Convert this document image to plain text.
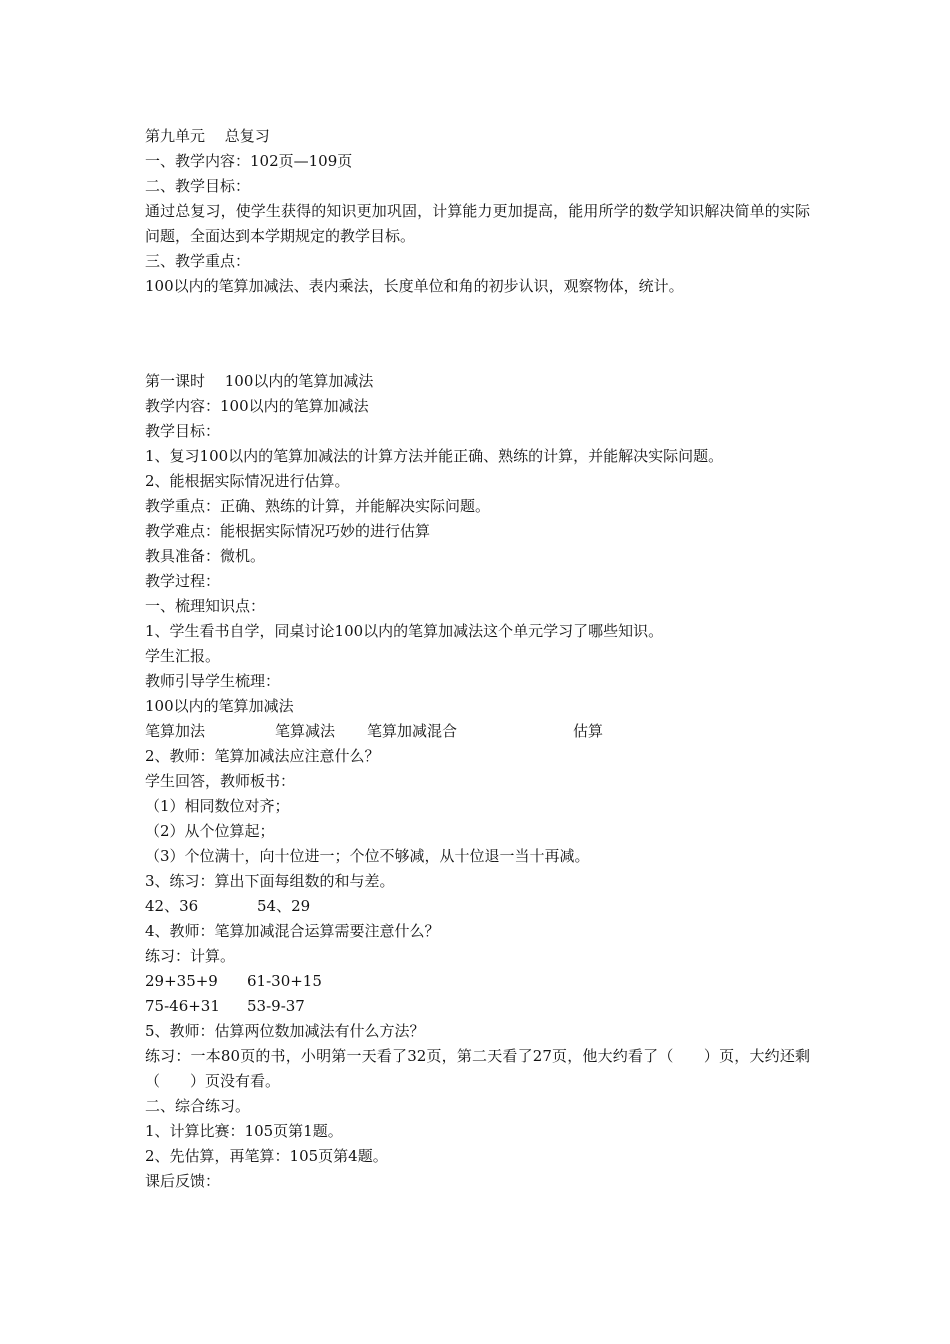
第九单元　 总复习
一、教学内容：102页—109页
二、教学目标：
通过总复习，使学生获得的知识更加巩固，计算能力更加提高，能用所学的数学知识解决简单的实际问题，全面达到本学期规定的教学目标。
三、教学重点：
100以内的笔算加减法、表内乘法，长度单位和角的初步认识，观察物体，统计。
第一课时　 100以内的笔算加减法
教学内容：100以内的笔算加减法
教学目标：
1、复习100以内的笔算加减法的计算方法并能正确、熟练的计算，并能解决实际问题。
2、能根据实际情况进行估算。
教学重点：正确、熟练的计算，并能解决实际问题。
教学难点：能根据实际情况巧妙的进行估算
教具准备：微机。
教学过程：
一、梳理知识点：
1、学生看书自学，同桌讨论100以内的笔算加减法这个单元学习了哪些知识。
学生汇报。
教师引导学生梳理：
100以内的笔算加减法
笔算加法	笔算减法	笔算加减混合	估算
2、教师：笔算加减法应注意什么？
学生回答，教师板书：
（1）相同数位对齐；
（2）从个位算起；
（3）个位满十，向十位进一；个位不够减，从十位退一当十再减。
3、练习：算出下面每组数的和与差。
42、36	54、29
4、教师：笔算加减混合运算需要注意什么？
练习：计算。
29+35+9	61-30+15
75-46+31	53-9-37
5、教师：估算两位数加减法有什么方法？
练习：一本80页的书，小明第一天看了32页，第二天看了27页，他大约看了（　　）页，大约还剩（　　）页没有看。
二、综合练习。
1、计算比赛：105页第1题。
2、先估算，再笔算：105页第4题。
课后反馈：
